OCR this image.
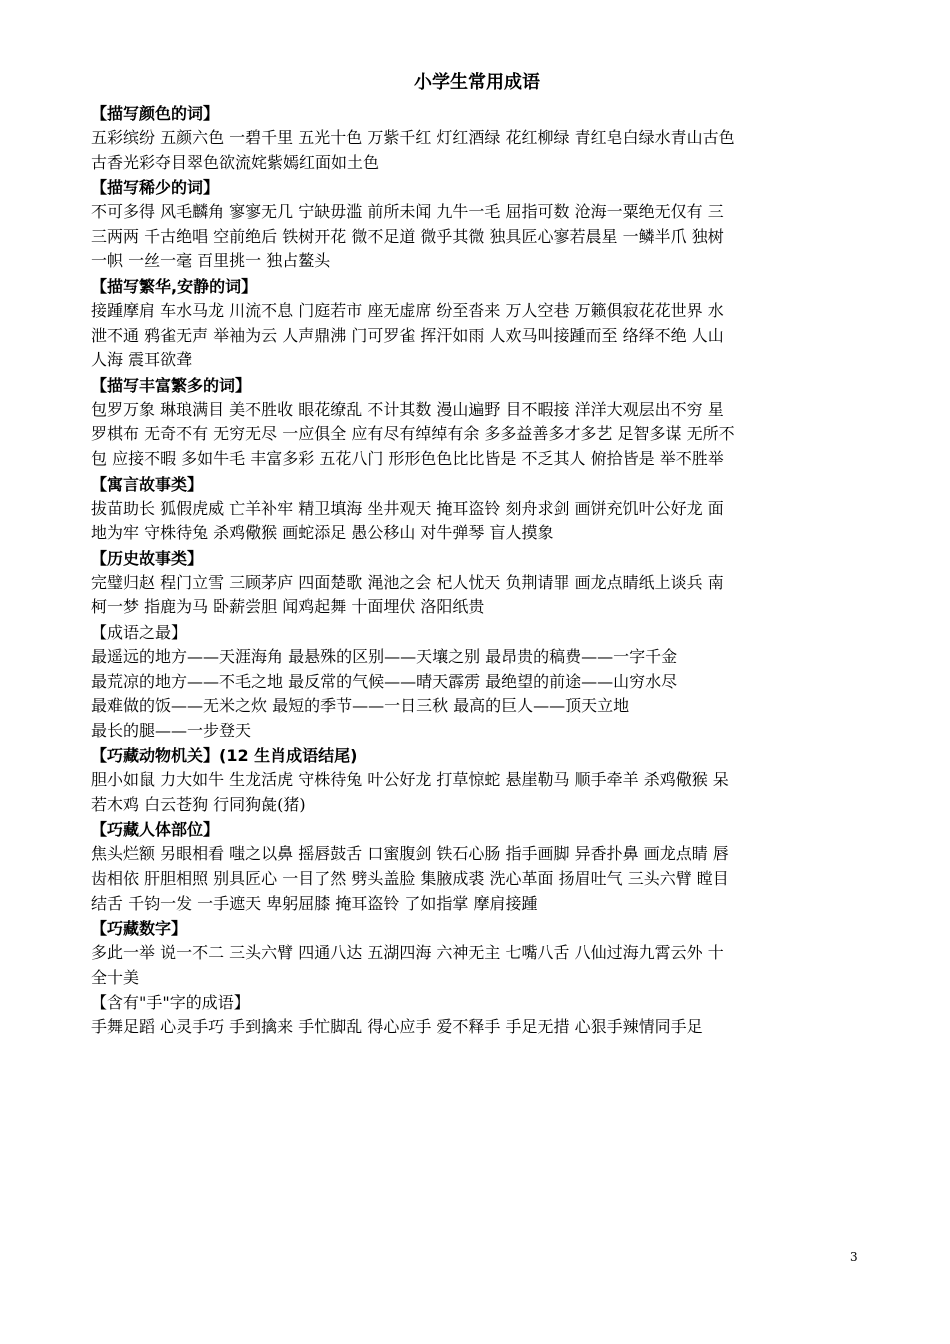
小学生常用成语
【描写颜色的词】
五彩缤纷 五颜六色 一碧千里 五光十色 万紫千红 灯红酒绿 花红柳绿 青红皂白绿水青山古色
古香光彩夺目翠色欲流姹紫嫣红面如土色
【描写稀少的词】
不可多得 风毛麟角 寥寥无几 宁缺毋滥 前所未闻 九牛一毛 屈指可数 沧海一粟绝无仅有 三
三两两 千古绝唱 空前绝后 铁树开花 微不足道 微乎其微 独具匠心寥若晨星 一鳞半爪 独树
一帜 一丝一毫 百里挑一 独占鳌头
【描写繁华,安静的词】
接踵摩肩 车水马龙 川流不息 门庭若市 座无虚席 纷至沓来 万人空巷 万籁俱寂花花世界 水
泄不通 鸦雀无声 举袖为云 人声鼎沸 门可罗雀 挥汗如雨 人欢马叫接踵而至 络绎不绝 人山
人海 震耳欲聋
【描写丰富繁多的词】
包罗万象 琳琅满目 美不胜收 眼花缭乱 不计其数 漫山遍野 目不暇接 洋洋大观层出不穷 星
罗棋布 无奇不有 无穷无尽 一应俱全 应有尽有绰绰有余 多多益善多才多艺 足智多谋 无所不
包 应接不暇 多如牛毛 丰富多彩 五花八门 形形色色比比皆是 不乏其人 俯拾皆是 举不胜举
【寓言故事类】
拔苗助长 狐假虎威 亡羊补牢 精卫填海 坐井观天 掩耳盗铃 刻舟求剑 画饼充饥叶公好龙 面
地为牢 守株待兔 杀鸡儆猴 画蛇添足 愚公移山 对牛弹琴 盲人摸象
【历史故事类】
完璧归赵 程门立雪 三顾茅庐 四面楚歌 渑池之会 杞人忧天 负荆请罪 画龙点睛纸上谈兵 南
柯一梦 指鹿为马 卧薪尝胆 闻鸡起舞 十面埋伏 洛阳纸贵
【成语之最】
最遥远的地方——天涯海角 最悬殊的区别——天壤之别 最昂贵的稿费——一字千金
最荒凉的地方——不毛之地 最反常的气候——晴天霹雳 最绝望的前途——山穷水尽
最难做的饭——无米之炊 最短的季节——一日三秋 最高的巨人——顶天立地
最长的腿——一步登天
【巧藏动物机关】(12 生肖成语结尾)
胆小如鼠 力大如牛 生龙活虎 守株待兔 叶公好龙 打草惊蛇 悬崖勒马 顺手牵羊 杀鸡儆猴 呆
若木鸡 白云苍狗 行同狗彘(猪)
【巧藏人体部位】
焦头烂额 另眼相看 嗤之以鼻 摇唇鼓舌 口蜜腹剑 铁石心肠 指手画脚 异香扑鼻 画龙点睛 唇
齿相依 肝胆相照 别具匠心 一目了然 劈头盖脸 集腋成裘 洗心革面 扬眉吐气 三头六臂 瞠目
结舌 千钧一发 一手遮天 卑躬屈膝 掩耳盗铃 了如指掌 摩肩接踵
【巧藏数字】
多此一举 说一不二 三头六臂 四通八达 五湖四海 六神无主 七嘴八舌 八仙过海九霄云外 十
全十美
【含有"手"字的成语】
手舞足蹈 心灵手巧 手到擒来 手忙脚乱 得心应手 爱不释手 手足无措 心狠手辣情同手足
3
